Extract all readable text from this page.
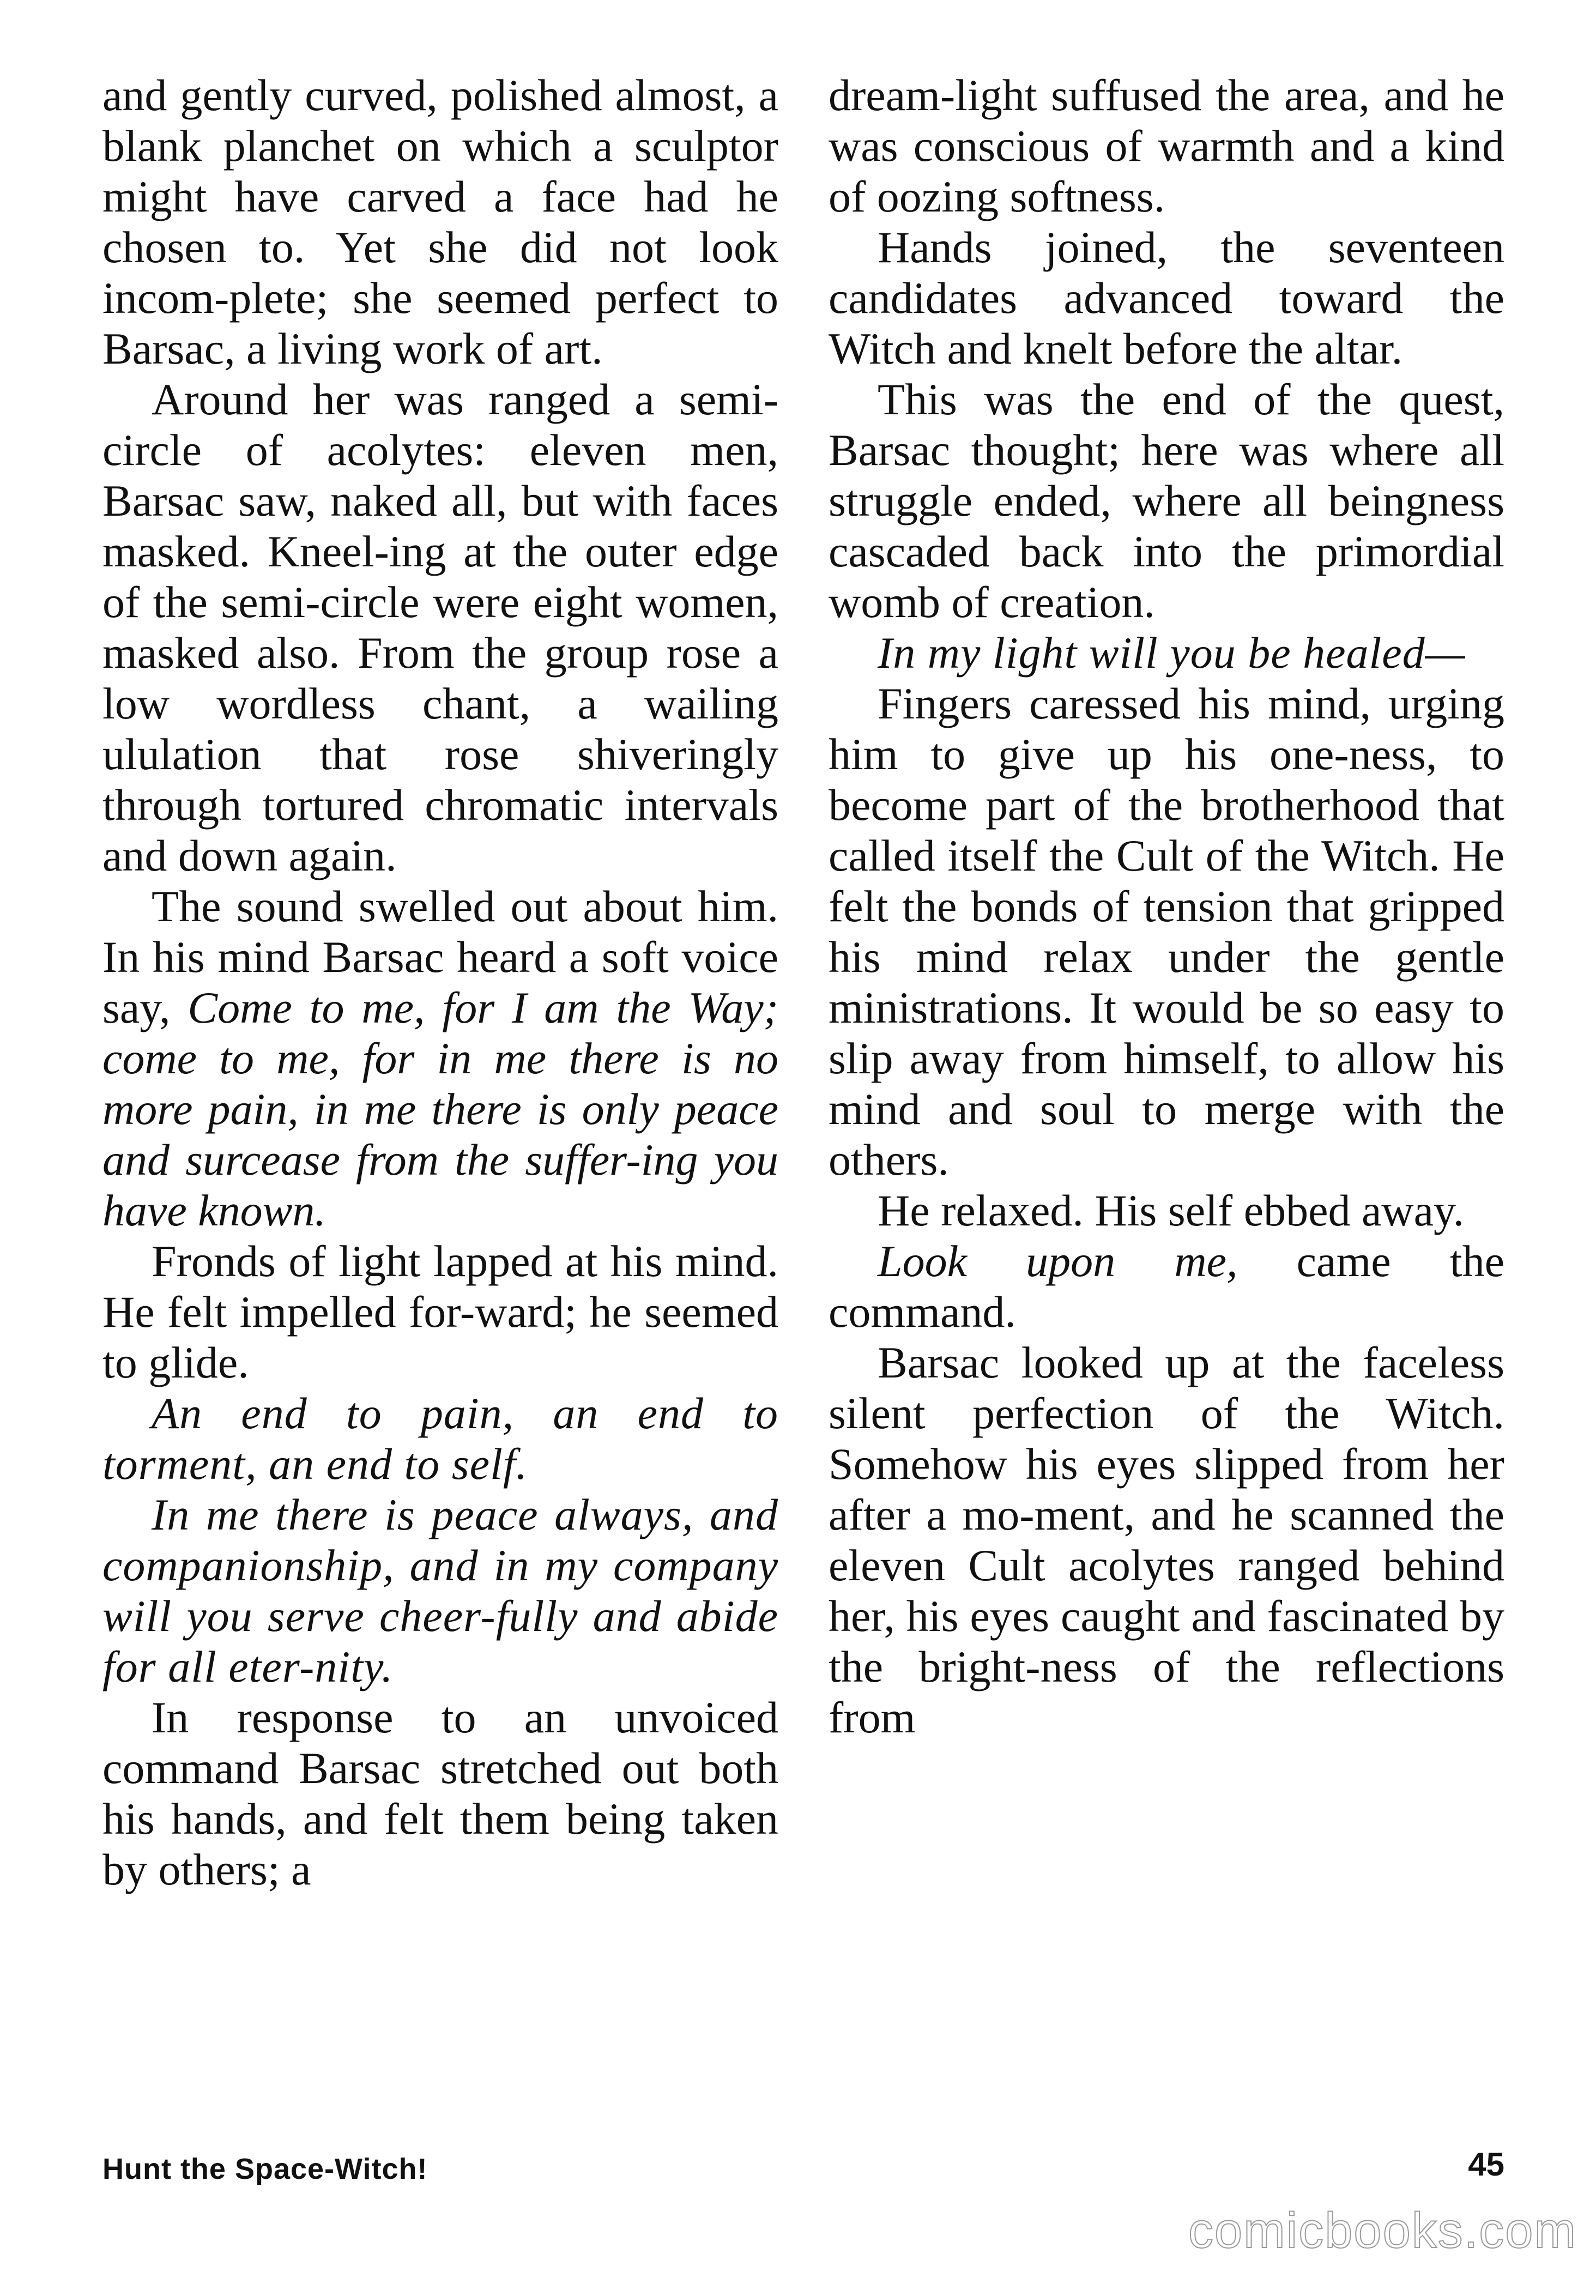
and gently curved, polished almost, a blank planchet on which a sculptor might have carved a face had he chosen to. Yet she did not look incom-plete; she seemed perfect to Barsac, a living work of art.

Around her was ranged a semi-circle of acolytes: eleven men, Barsac saw, naked all, but with faces masked. Kneel-ing at the outer edge of the semi-circle were eight women, masked also. From the group rose a low wordless chant, a wailing ululation that rose shiveringly through tortured chromatic intervals and down again.

The sound swelled out about him. In his mind Barsac heard a soft voice say, Come to me, for I am the Way; come to me, for in me there is no more pain, in me there is only peace and surcease from the suffer-ing you have known.

Fronds of light lapped at his mind. He felt impelled for-ward; he seemed to glide.

An end to pain, an end to torment, an end to self.

In me there is peace always, and companionship, and in my company will you serve cheer-fully and abide for all eter-nity.

In response to an unvoiced command Barsac stretched out both his hands, and felt them being taken by others; a

dream-light suffused the area, and he was conscious of warmth and a kind of oozing softness.

Hands joined, the seventeen candidates advanced toward the Witch and knelt before the altar.

This was the end of the quest, Barsac thought; here was where all struggle ended, where all beingness cascaded back into the primordial womb of creation.

In my light will you be healed—

Fingers caressed his mind, urging him to give up his one-ness, to become part of the brotherhood that called itself the Cult of the Witch. He felt the bonds of tension that gripped his mind relax under the gentle ministrations. It would be so easy to slip away from himself, to allow his mind and soul to merge with the others.

He relaxed. His self ebbed away.

Look upon me, came the command.

Barsac looked up at the faceless silent perfection of the Witch. Somehow his eyes slipped from her after a mo-ment, and he scanned the eleven Cult acolytes ranged behind her, his eyes caught and fascinated by the bright-ness of the reflections from

Hunt the Space-Witch!	45
comicbooks.com
